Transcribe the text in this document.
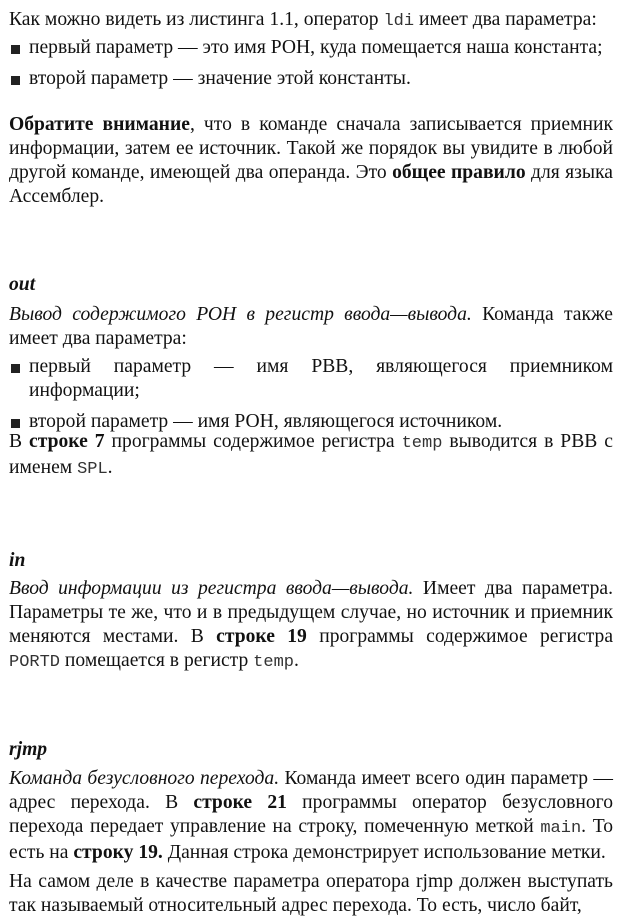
Как можно видеть из листинга 1.1, оператор ldi имеет два параметра:

первый параметр — это имя РОН, куда помещается наша константа;
второй параметр — значение этой константы.

Обратите внимание, что в команде сначала записывается приемник информации, затем ее источник. Такой же порядок вы увидите в любой другой команде, имеющей два операнда. Это общее правило для языка Ассемблер.

out

Вывод содержимого РОН в регистр ввода—вывода. Команда также имеет два параметра:

первый параметр — имя РВВ, являющегося приемником информации;
второй параметр — имя РОН, являющегося источником.

В строке 7 программы содержимое регистра temp выводится в РВВ с именем SPL.

in

Ввод информации из регистра ввода—вывода. Имеет два параметра. Параметры те же, что и в предыдущем случае, но источник и приемник меняются местами. В строке 19 программы содержимое регистра PORTD помещается в регистр temp.

rjmp

Команда безусловного перехода. Команда имеет всего один параметр — адрес перехода. В строке 21 программы оператор безусловного перехода передает управление на строку, помеченную меткой main. То есть на строку 19. Данная строка демонстрирует использование метки.

На самом деле в качестве параметра оператора rjmp должен выступать так называемый относительный адрес перехода. То есть, число байт,
